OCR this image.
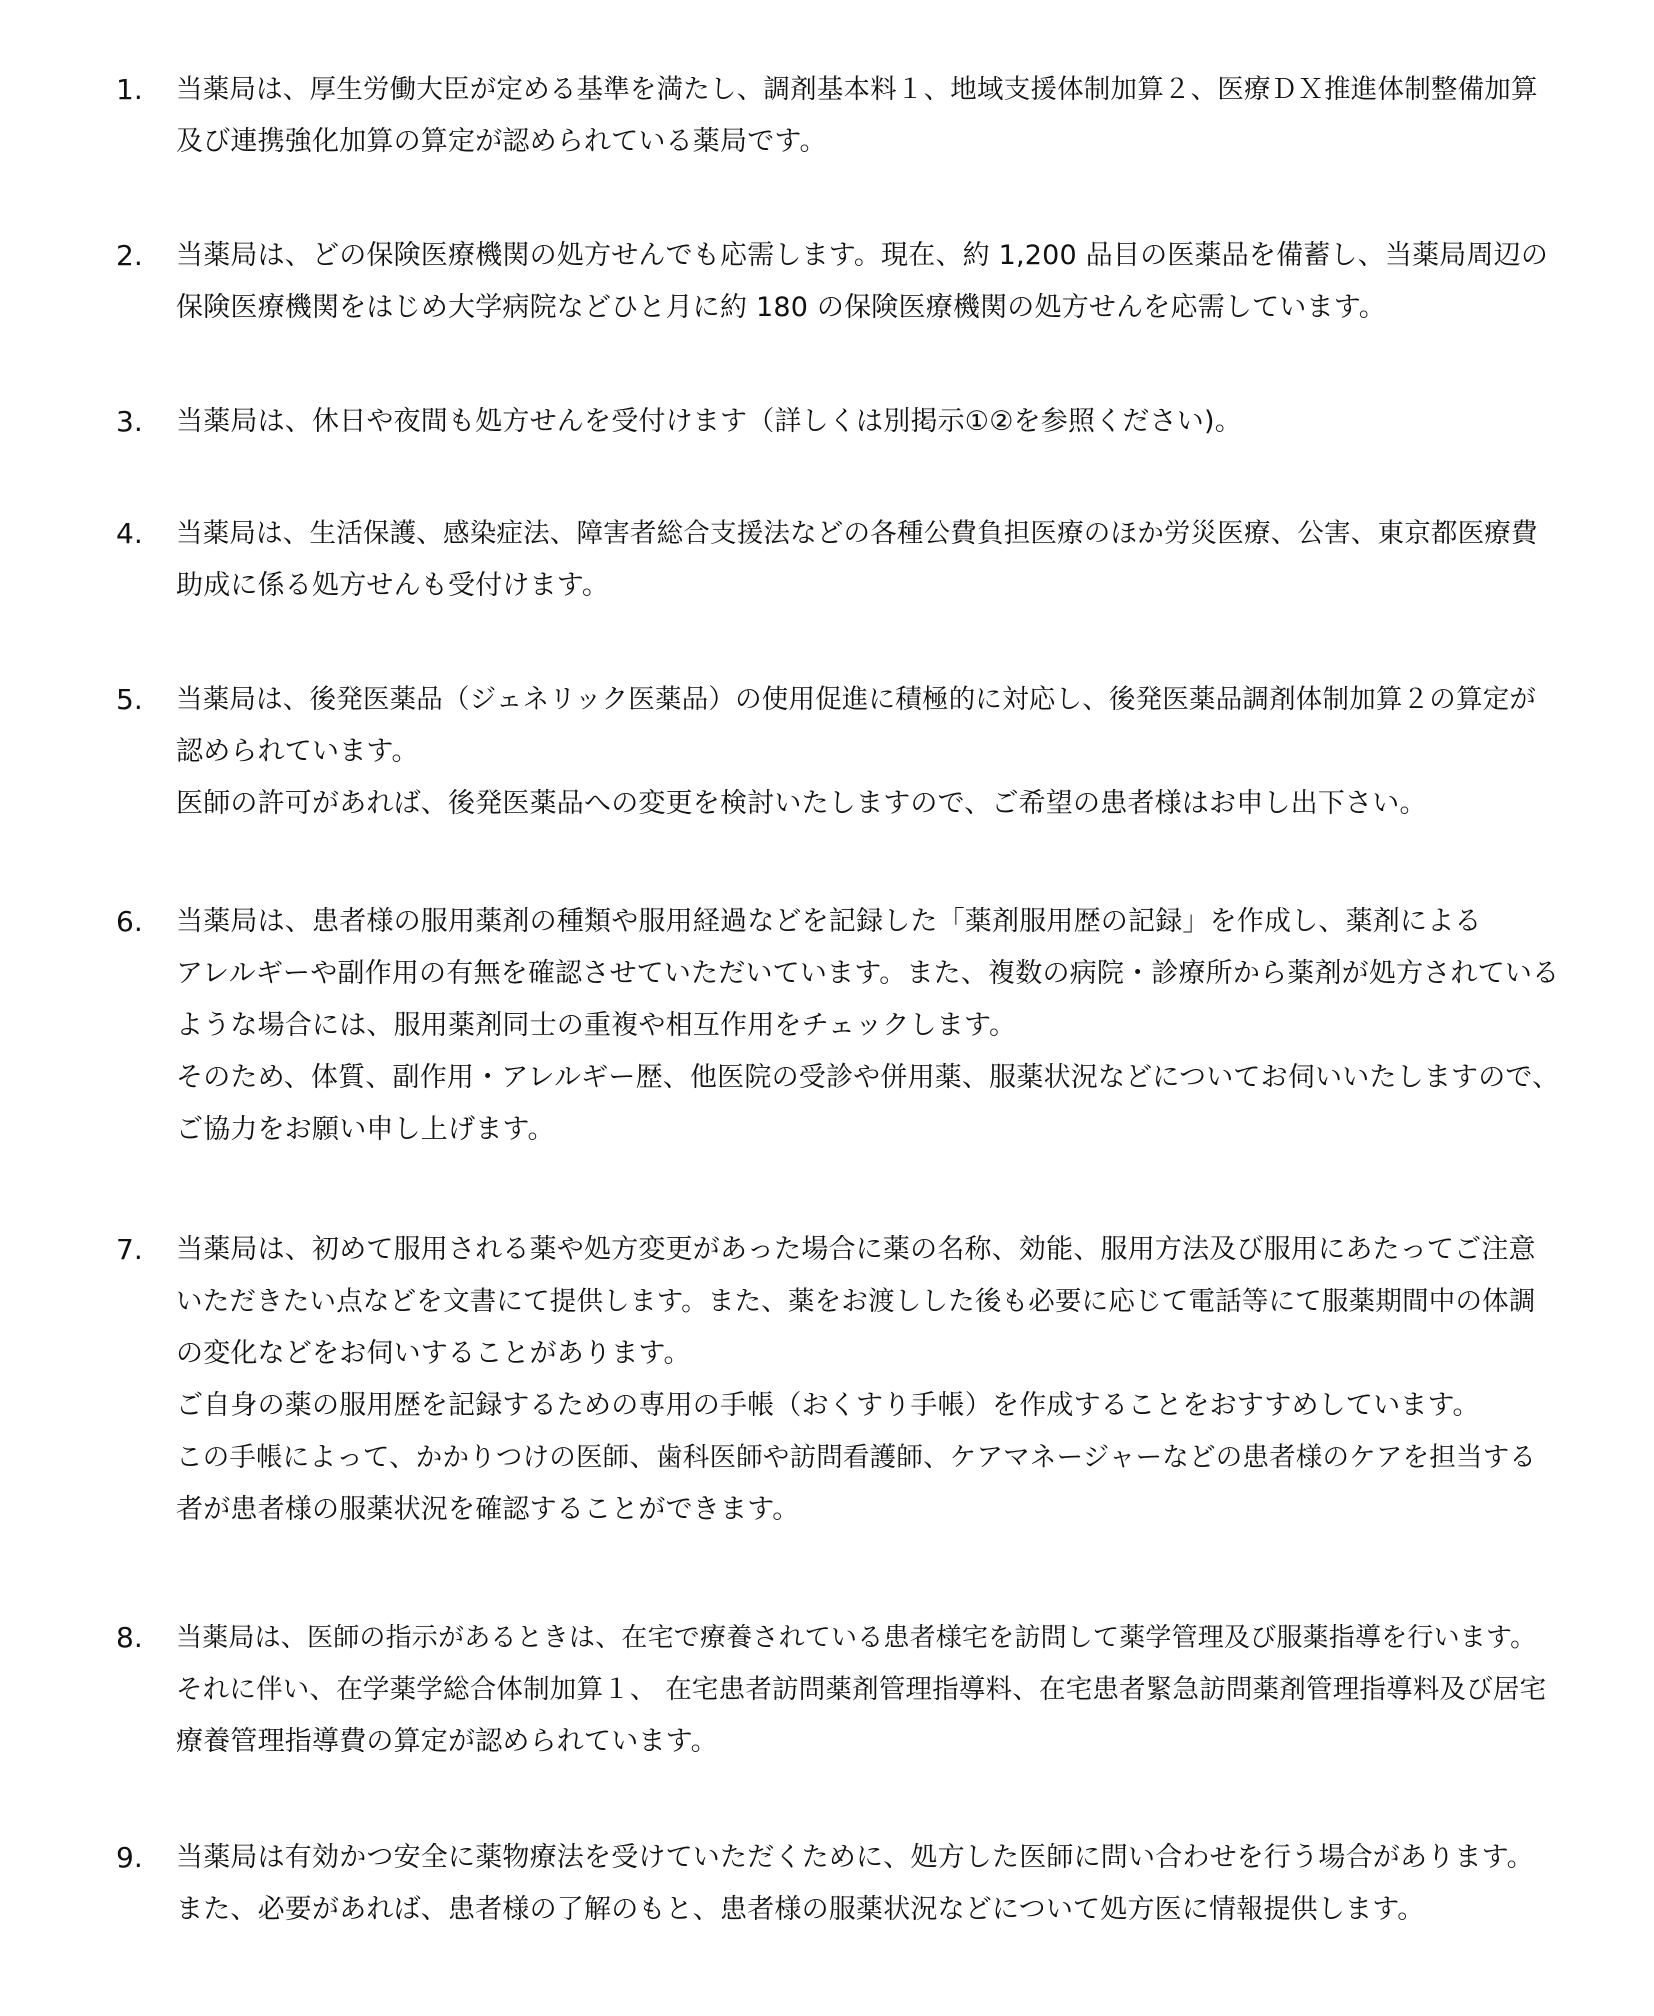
1.	当薬局は、厚生労働大臣が定める基準を満たし、調剤基本料１、地域支援体制加算２、医療ＤＸ推進体制整備加算
及び連携強化加算の算定が認められている薬局です。
2.	当薬局は、どの保険医療機関の処方せんでも応需します。現在、約 1,200 品目の医薬品を備蓄し、当薬局周辺の
保険医療機関をはじめ大学病院などひと月に約 180 の保険医療機関の処方せんを応需しています。
3.	当薬局は、休日や夜間も処方せんを受付けます（詳しくは別掲示①②を参照ください)。
4.	当薬局は、生活保護、感染症法、障害者総合支援法などの各種公費負担医療のほか労災医療、公害、東京都医療費
助成に係る処方せんも受付けます。
5.	当薬局は、後発医薬品（ジェネリック医薬品）の使用促進に積極的に対応し、後発医薬品調剤体制加算２の算定が
認められています。
医師の許可があれば、後発医薬品への変更を検討いたしますので、ご希望の患者様はお申し出下さい。
6.	当薬局は、患者様の服用薬剤の種類や服用経過などを記録した「薬剤服用歴の記録」を作成し、薬剤による
アレルギーや副作用の有無を確認させていただいています。また、複数の病院・診療所から薬剤が処方されている
ような場合には、服用薬剤同士の重複や相互作用をチェックします。
そのため、体質、副作用・アレルギー歴、他医院の受診や併用薬、服薬状況などについてお伺いいたしますので、
ご協力をお願い申し上げます。
7.	当薬局は、初めて服用される薬や処方変更があった場合に薬の名称、効能、服用方法及び服用にあたってご注意
いただきたい点などを文書にて提供します。また、薬をお渡しした後も必要に応じて電話等にて服薬期間中の体調
の変化などをお伺いすることがあります。
ご自身の薬の服用歴を記録するための専用の手帳（おくすり手帳）を作成することをおすすめしています。
この手帳によって、かかりつけの医師、歯科医師や訪問看護師、ケアマネージャーなどの患者様のケアを担当する
者が患者様の服薬状況を確認することができます。
8.	当薬局は、医師の指示があるときは、在宅で療養されている患者様宅を訪問して薬学管理及び服薬指導を行います。
それに伴い、在学薬学総合体制加算１、 在宅患者訪問薬剤管理指導料、在宅患者緊急訪問薬剤管理指導料及び居宅
療養管理指導費の算定が認められています。
9.	当薬局は有効かつ安全に薬物療法を受けていただくために、処方した医師に問い合わせを行う場合があります。
また、必要があれば、患者様の了解のもと、患者様の服薬状況などについて処方医に情報提供します。
